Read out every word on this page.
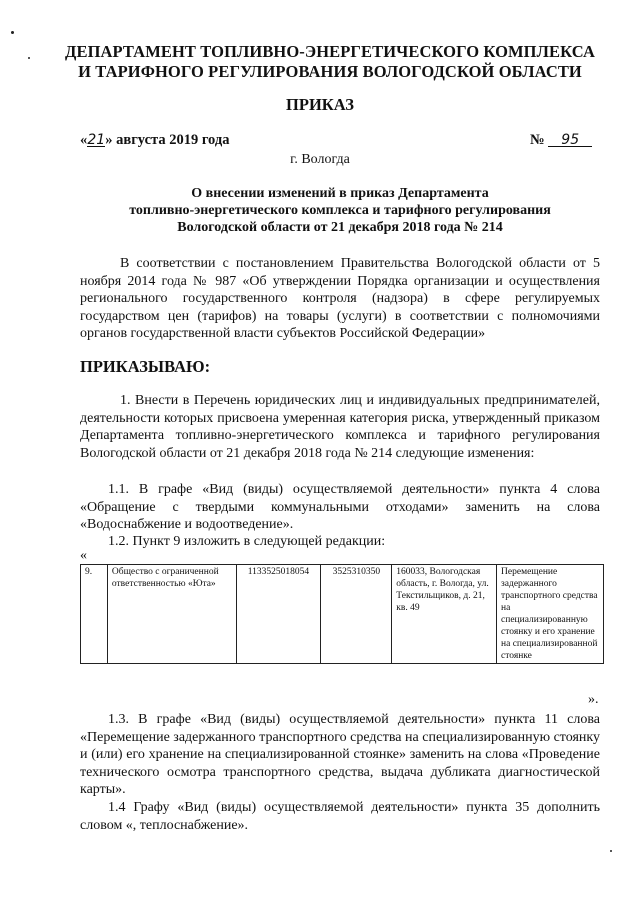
ДЕПАРТАМЕНТ ТОПЛИВНО-ЭНЕРГЕТИЧЕСКОГО КОМПЛЕКСА
И ТАРИФНОГО РЕГУЛИРОВАНИЯ ВОЛОГОДСКОЙ ОБЛАСТИ
ПРИКАЗ
«21» августа 2019 года	№ 95
г. Вологда
О внесении изменений в приказ Департамента
топливно-энергетического комплекса и тарифного регулирования
Вологодской области от 21 декабря 2018 года № 214
В соответствии с постановлением Правительства Вологодской области от 5 ноября 2014 года № 987 «Об утверждении Порядка организации и осуществления регионального государственного контроля (надзора) в сфере регулируемых государством цен (тарифов) на товары (услуги) в соответствии с полномочиями органов государственной власти субъектов Российской Федерации»
ПРИКАЗЫВАЮ:
1. Внести в Перечень юридических лиц и индивидуальных предпринимателей, деятельности которых присвоена умеренная категория риска, утвержденный приказом Департамента топливно-энергетического комплекса и тарифного регулирования Вологодской области от 21 декабря 2018 года № 214 следующие изменения:
1.1. В графе «Вид (виды) осуществляемой деятельности» пункта 4 слова «Обращение с твердыми коммунальными отходами» заменить на слова «Водоснабжение и водоотведение».
1.2. Пункт 9 изложить в следующей редакции:
«
9.	Общество с ограниченной ответственностью «Юта»	1133525018054	3525310350	160033, Вологодская область, г. Вологда, ул. Текстильщиков, д. 21, кв. 49	Перемещение задержанного транспортного средства на специализированную стоянку и его хранение на специализированной стоянке
».
1.3. В графе «Вид (виды) осуществляемой деятельности» пункта 11 слова «Перемещение задержанного транспортного средства на специализированную стоянку и (или) его хранение на специализированной стоянке» заменить на слова «Проведение технического осмотра транспортного средства, выдача дубликата диагностической карты».
1.4 Графу «Вид (виды) осуществляемой деятельности» пункта 35 дополнить словом «, теплоснабжение».
